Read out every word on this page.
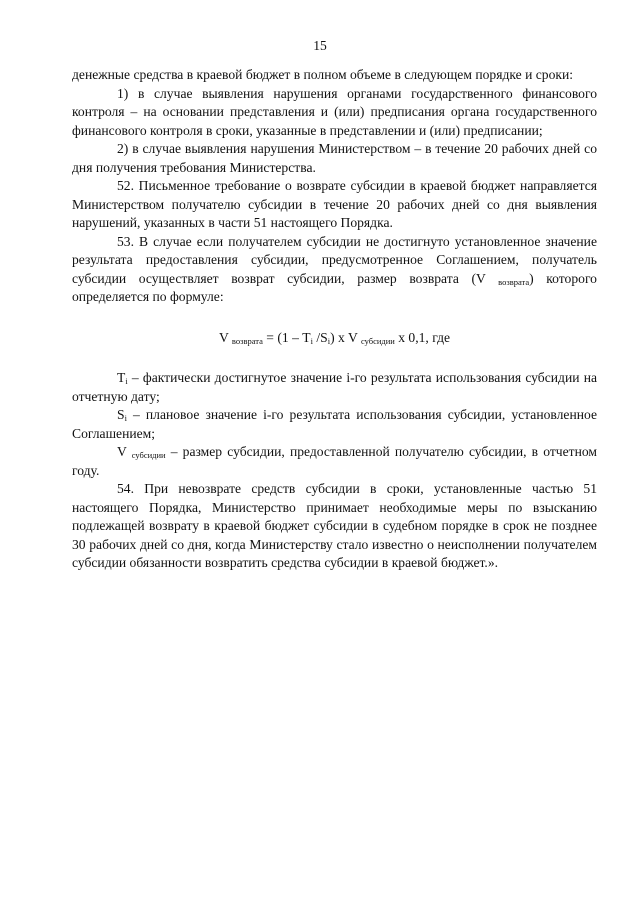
15

денежные средства в краевой бюджет в полном объеме в следующем порядке и сроки:

1) в случае выявления нарушения органами государственного финансового контроля – на основании представления и (или) предписания органа государственного финансового контроля в сроки, указанные в представлении и (или) предписании;

2) в случае выявления нарушения Министерством – в течение 20 рабочих дней со дня получения требования Министерства.

52. Письменное требование о возврате субсидии в краевой бюджет направляется Министерством получателю субсидии в течение 20 рабочих дней со дня выявления нарушений, указанных в части 51 настоящего Порядка.

53. В случае если получателем субсидии не достигнуто установленное значение результата предоставления субсидии, предусмотренное Соглашением, получатель субсидии осуществляет возврат субсидии, размер возврата (V $_{возврата}$) которого определяется по формуле:

V $_{возврата} = (1 - T_i$ $/S_i$) x V $_{субсидии}$ x 0,1, где

$T_i$ – фактически достигнутое значение i-го результата использования субсидии на отчетную дату;

$S_i$ – плановое значение i-го результата использования субсидии, установленное Соглашением;

V $_{субсидии}$ – размер субсидии, предоставленной получателю субсидии, в отчетном году.

54. При невозврате средств субсидии в сроки, установленные частью 51 настоящего Порядка, Министерство принимает необходимые меры по взысканию подлежащей возврату в краевой бюджет субсидии в судебном порядке в срок не позднее 30 рабочих дней со дня, когда Министерству стало известно о неисполнении получателем субсидии обязанности возвратить средства субсидии в краевой бюджет.».
